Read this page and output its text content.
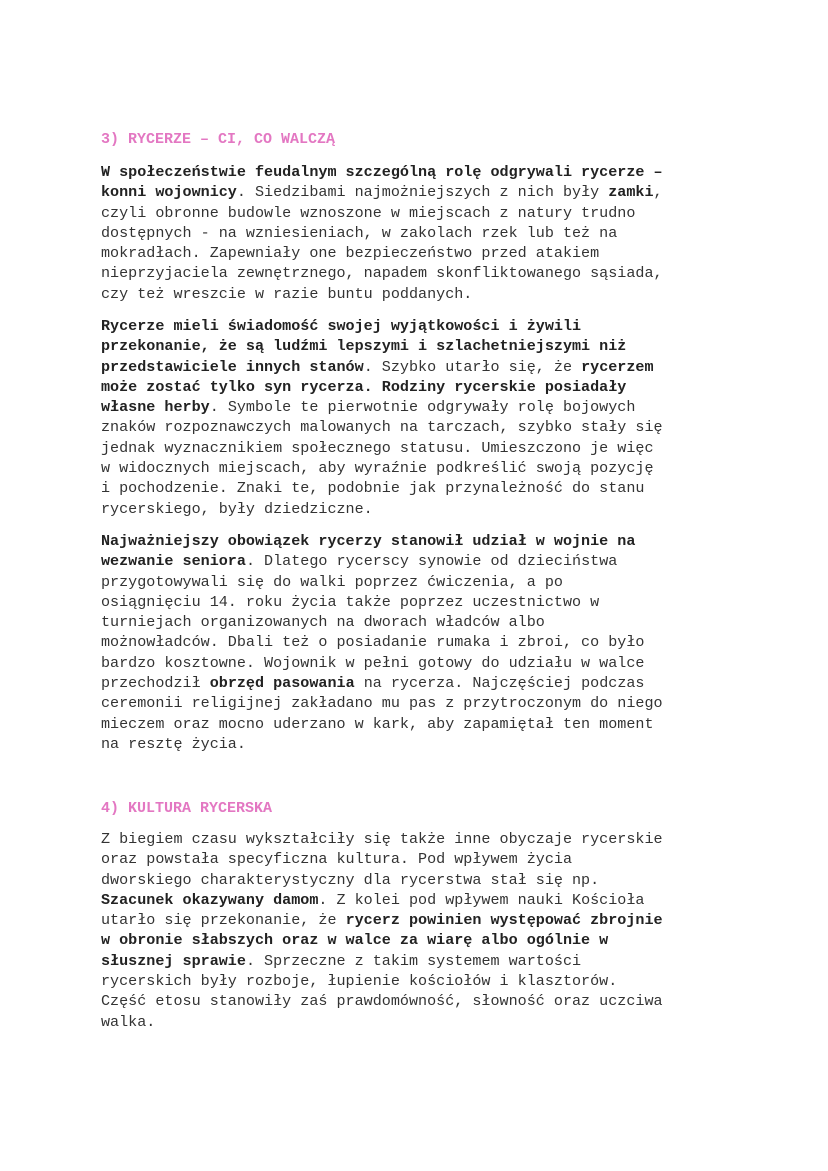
3) RYCERZE – CI, CO WALCZĄ

W społeczeństwie feudalnym szczególną rolę odgrywali rycerze –
konni wojownicy. Siedzibami najmożniejszych z nich były zamki,
czyli obronne budowle wznoszone w miejscach z natury trudno
dostępnych - na wzniesieniach, w zakolach rzek lub też na
mokradłach. Zapewniały one bezpieczeństwo przed atakiem
nieprzyjaciela zewnętrznego, napadem skonfliktowanego sąsiada,
czy też wreszcie w razie buntu poddanych.

Rycerze mieli świadomość swojej wyjątkowości i żywili
przekonanie, że są ludźmi lepszymi i szlachetniejszymi niż
przedstawiciele innych stanów. Szybko utarło się, że rycerzem
może zostać tylko syn rycerza. Rodziny rycerskie posiadały
własne herby. Symbole te pierwotnie odgrywały rolę bojowych
znaków rozpoznawczych malowanych na tarczach, szybko stały się
jednak wyznacznikiem społecznego statusu. Umieszczono je więc
w widocznych miejscach, aby wyraźnie podkreślić swoją pozycję
i pochodzenie. Znaki te, podobnie jak przynależność do stanu
rycerskiego, były dziedziczne.

Najważniejszy obowiązek rycerzy stanowił udział w wojnie na
wezwanie seniora. Dlatego rycerscy synowie od dzieciństwa
przygotowywali się do walki poprzez ćwiczenia, a po
osiągnięciu 14. roku życia także poprzez uczestnictwo w
turniejach organizowanych na dworach władców albo
możnowładców. Dbali też o posiadanie rumaka i zbroi, co było
bardzo kosztowne. Wojownik w pełni gotowy do udziału w walce
przechodził obrzęd pasowania na rycerza. Najczęściej podczas
ceremonii religijnej zakładano mu pas z przytroczonym do niego
mieczem oraz mocno uderzano w kark, aby zapamiętał ten moment
na resztę życia.

4) KULTURA RYCERSKA

Z biegiem czasu wykształciły się także inne obyczaje rycerskie
oraz powstała specyficzna kultura. Pod wpływem życia
dworskiego charakterystyczny dla rycerstwa stał się np.
Szacunek okazywany damom. Z kolei pod wpływem nauki Kościoła
utarło się przekonanie, że rycerz powinien występować zbrojnie
w obronie słabszych oraz w walce za wiarę albo ogólnie w
słusznej sprawie. Sprzeczne z takim systemem wartości
rycerskich były rozboje, łupienie kościołów i klasztorów.
Część etosu stanowiły zaś prawdomówność, słowność oraz uczciwa
walka.
